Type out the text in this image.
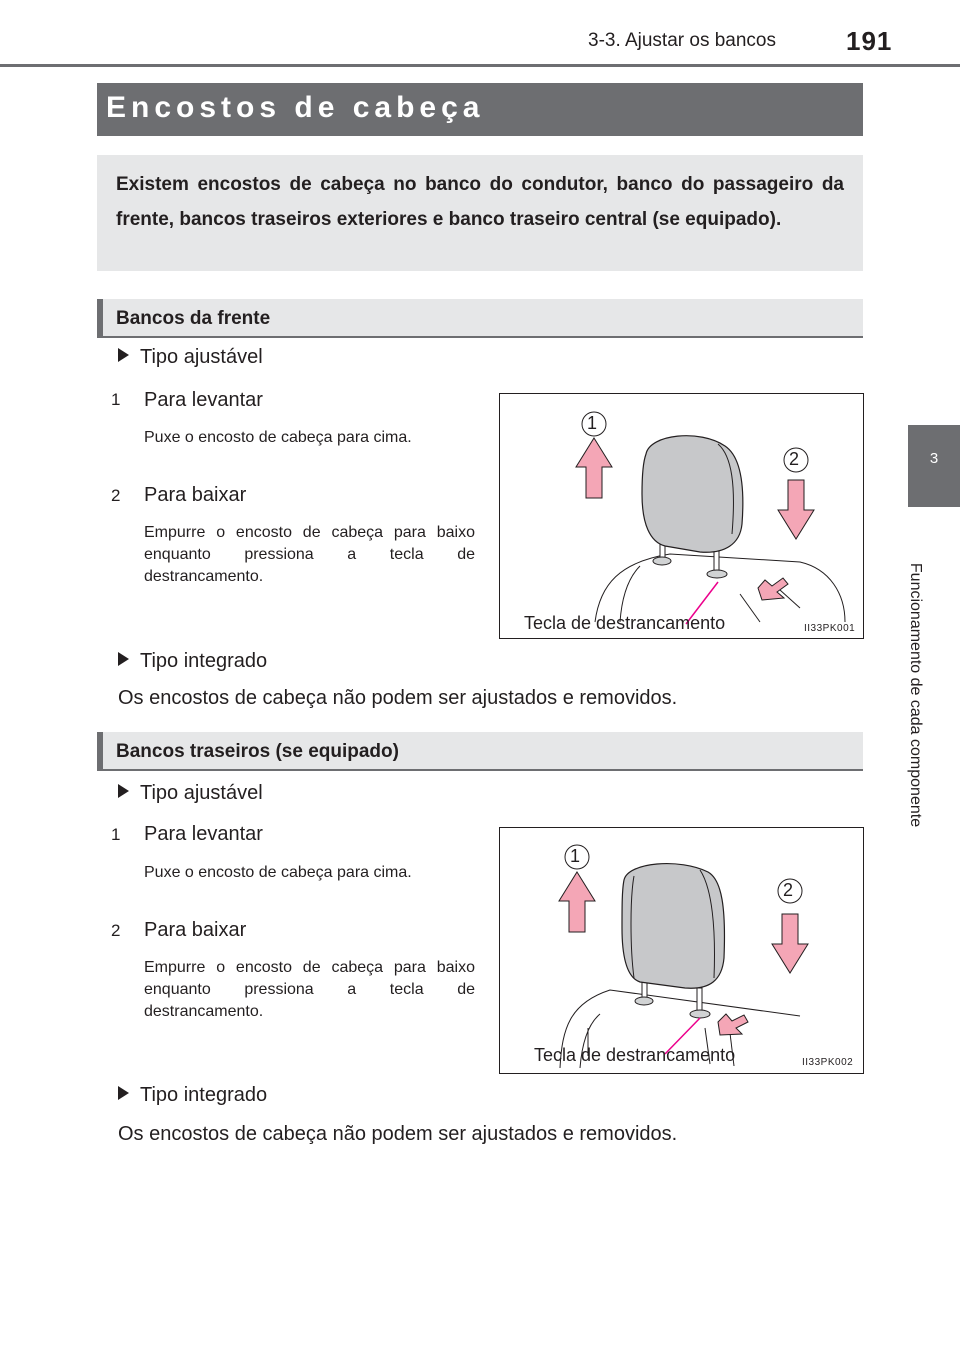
3-3. Ajustar os bancos	191
3
Funcionamento de cada componente
Encostos de cabeça
Existem encostos de cabeça no banco do condutor, banco do passageiro da frente, bancos traseiros exteriores e banco traseiro central (se equipado).
Bancos da frente
Tipo ajustável
1 Para levantar
Puxe o encosto de cabeça para cima.
2 Para baixar
Empurre o encosto de cabeça para baixo enquanto pressiona a tecla de destrancamento.
1
2
Tecla de destrancamento	II33PK001
Tipo integrado
Os encostos de cabeça não podem ser ajustados e removidos.
Bancos traseiros (se equipado)
Tipo ajustável
1 Para levantar
Puxe o encosto de cabeça para cima.
2 Para baixar
Empurre o encosto de cabeça para baixo enquanto pressiona a tecla de destrancamento.
1
2
Tecla de destrancamento	II33PK002
Tipo integrado
Os encostos de cabeça não podem ser ajustados e removidos.
